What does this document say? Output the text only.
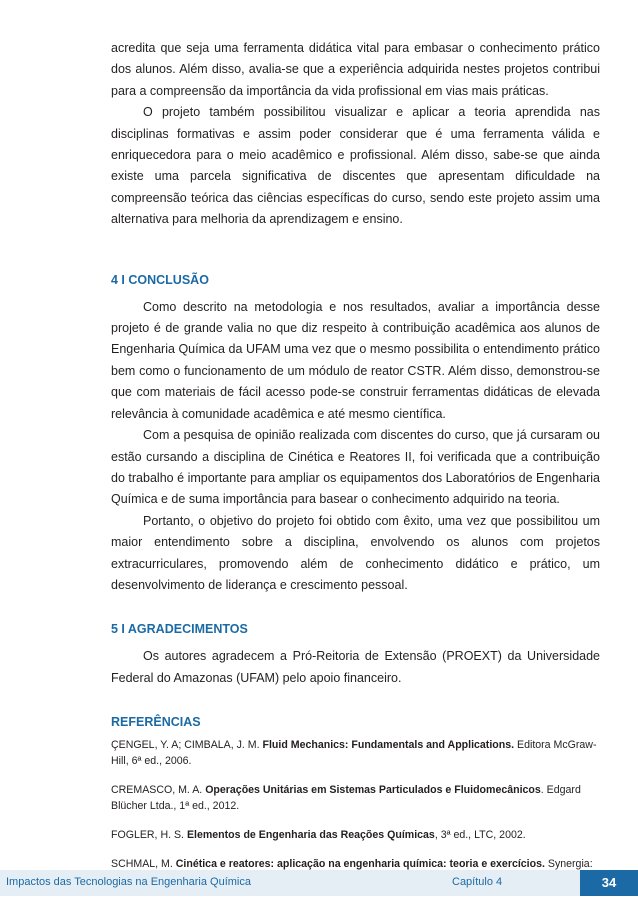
acredita que seja uma ferramenta didática vital para embasar o conhecimento prático dos alunos. Além disso, avalia-se que a experiência adquirida nestes projetos contribui para a compreensão da importância da vida profissional em vias mais práticas.

O projeto também possibilitou visualizar e aplicar a teoria aprendida nas disciplinas formativas e assim poder considerar que é uma ferramenta válida e enriquecedora para o meio acadêmico e profissional. Além disso, sabe-se que ainda existe uma parcela significativa de discentes que apresentam dificuldade na compreensão teórica das ciências específicas do curso, sendo este projeto assim uma alternativa para melhoria da aprendizagem e ensino.

4 I CONCLUSÃO

Como descrito na metodologia e nos resultados, avaliar a importância desse projeto é de grande valia no que diz respeito à contribuição acadêmica aos alunos de Engenharia Química da UFAM uma vez que o mesmo possibilita o entendimento prático bem como o funcionamento de um módulo de reator CSTR. Além disso, demonstrou-se que com materiais de fácil acesso pode-se construir ferramentas didáticas de elevada relevância à comunidade acadêmica e até mesmo científica.

Com a pesquisa de opinião realizada com discentes do curso, que já cursaram ou estão cursando a disciplina de Cinética e Reatores II, foi verificada que a contribuição do trabalho é importante para ampliar os equipamentos dos Laboratórios de Engenharia Química e de suma importância para basear o conhecimento adquirido na teoria.

Portanto, o objetivo do projeto foi obtido com êxito, uma vez que possibilitou um maior entendimento sobre a disciplina, envolvendo os alunos com projetos extracurriculares, promovendo além de conhecimento didático e prático, um desenvolvimento de liderança e crescimento pessoal.

5 I AGRADECIMENTOS

Os autores agradecem a Pró-Reitoria de Extensão (PROEXT) da Universidade Federal do Amazonas (UFAM) pelo apoio financeiro.

REFERÊNCIAS

ÇENGEL, Y. A; CIMBALA, J. M. Fluid Mechanics: Fundamentals and Applications. Editora McGraw-Hill, 6ª ed., 2006.

CREMASCO, M. A. Operações Unitárias em Sistemas Particulados e Fluidomecânicos. Edgard Blücher Ltda., 1ª ed., 2012.

FOGLER, H. S. Elementos de Engenharia das Reações Químicas, 3ª ed., LTC, 2002.

SCHMAL, M. Cinética e reatores: aplicação na engenharia química: teoria e exercícios. Synergia:

Impactos das Tecnologias na Engenharia Química	Capítulo 4	34
